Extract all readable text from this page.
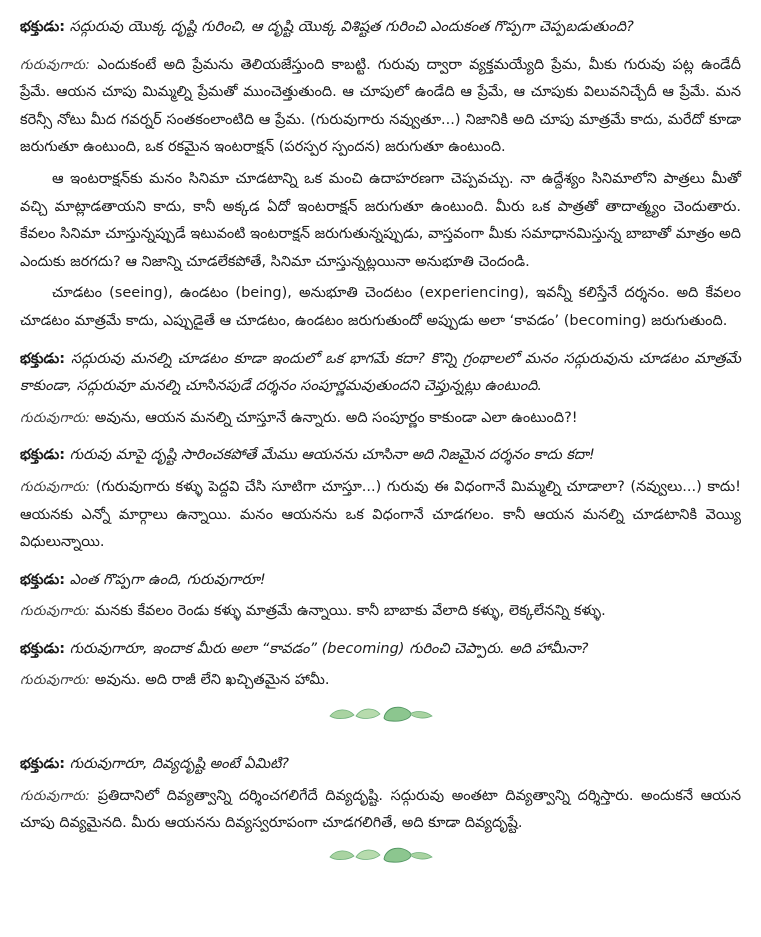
భక్తుడు: సద్గురువు యొక్క దృష్టి గురించి, ఆ దృష్టి యొక్క విశిష్టత గురించి ఎందుకంత గొప్పగా చెప్పబడుతుంది?

గురువుగారు: ఎందుకంటే అది ప్రేమను తెలియజేస్తుంది కాబట్టి. గురువు ద్వారా వ్యక్తమయ్యేది ప్రేమ, మీకు గురువు పట్ల ఉండేదీ ప్రేమే. ఆయన చూపు మిమ్మల్ని ప్రేమతో ముంచెత్తుతుంది. ఆ చూపులో ఉండేది ఆ ప్రేమే, ఆ చూపుకు విలువనిచ్చేదీ ఆ ప్రేమే. మన కరెన్సీ నోటు మీద గవర్నర్ సంతకంలాంటిది ఆ ప్రేమ. (గురువుగారు నవ్వుతూ...) నిజానికి అది చూపు మాత్రమే కాదు, మరేదో కూడా జరుగుతూ ఉంటుంది, ఒక రకమైన ఇంటరాక్షన్ (పరస్పర స్పందన) జరుగుతూ ఉంటుంది.

ఆ ఇంటరాక్షన్‌కు మనం సినిమా చూడటాన్ని ఒక మంచి ఉదాహరణగా చెప్పవచ్చు. నా ఉద్దేశ్యం సినిమాలోని పాత్రలు మీతో వచ్చి మాట్లాడతాయని కాదు, కానీ అక్కడ ఏదో ఇంటరాక్షన్ జరుగుతూ ఉంటుంది. మీరు ఒక పాత్రతో తాదాత్మ్యం చెందుతారు. కేవలం సినిమా చూస్తున్నప్పుడే ఇటువంటి ఇంటరాక్షన్ జరుగుతున్నప్పుడు, వాస్తవంగా మీకు సమాధానమిస్తున్న బాబాతో మాత్రం అది ఎందుకు జరగదు? ఆ నిజాన్ని చూడలేకపోతే, సినిమా చూస్తున్నట్లయినా అనుభూతి చెందండి.

చూడటం (seeing), ఉండటం (being), అనుభూతి చెందటం (experiencing), ఇవన్నీ కలిస్తేనే దర్శనం. అది కేవలం చూడటం మాత్రమే కాదు, ఎప్పుడైతే ఆ చూడటం, ఉండటం జరుగుతుందో అప్పుడు అలా ‘కావడం’ (becoming) జరుగుతుంది.

భక్తుడు: సద్గురువు మనల్ని చూడటం కూడా ఇందులో ఒక భాగమే కదా? కొన్ని గ్రంథాలలో మనం సద్గురువును చూడటం మాత్రమే కాకుండా, సద్గురువూ మనల్ని చూసినపుడే దర్శనం సంపూర్ణమవుతుందని చెప్తున్నట్లు ఉంటుంది.

గురువుగారు: అవును, ఆయన మనల్ని చూస్తూనే ఉన్నారు. అది సంపూర్ణం కాకుండా ఎలా ఉంటుంది?!

భక్తుడు: గురువు మాపై దృష్టి సారించకపోతే మేము ఆయనను చూసినా అది నిజమైన దర్శనం కాదు కదా!

గురువుగారు: (గురువుగారు కళ్ళు పెద్దవి చేసి సూటిగా చూస్తూ...) గురువు ఈ విధంగానే మిమ్మల్ని చూడాలా? (నవ్వులు...) కాదు! ఆయనకు ఎన్నో మార్గాలు ఉన్నాయి. మనం ఆయనను ఒక విధంగానే చూడగలం. కానీ ఆయన మనల్ని చూడటానికి వెయ్యి విధులున్నాయి.

భక్తుడు: ఎంత గొప్పగా ఉంది, గురువుగారూ!

గురువుగారు: మనకు కేవలం రెండు కళ్ళు మాత్రమే ఉన్నాయి. కానీ బాబాకు వేలాది కళ్ళు, లెక్కలేనన్ని కళ్ళు.

భక్తుడు: గురువుగారూ, ఇందాక మీరు అలా “కావడం” (becoming) గురించి చెప్పారు. అది హామీనా?

గురువుగారు: అవును. అది రాజీ లేని ఖచ్చితమైన హామీ.

భక్తుడు: గురువుగారూ, దివ్యదృష్టి అంటే ఏమిటి?

గురువుగారు: ప్రతిదానిలో దివ్యత్వాన్ని దర్శించగలిగేదే దివ్యదృష్టి. సద్గురువు అంతటా దివ్యత్వాన్ని దర్శిస్తారు. అందుకనే ఆయన చూపు దివ్యమైనది. మీరు ఆయనను దివ్యస్వరూపంగా చూడగలిగితే, అది కూడా దివ్యదృష్టే.
